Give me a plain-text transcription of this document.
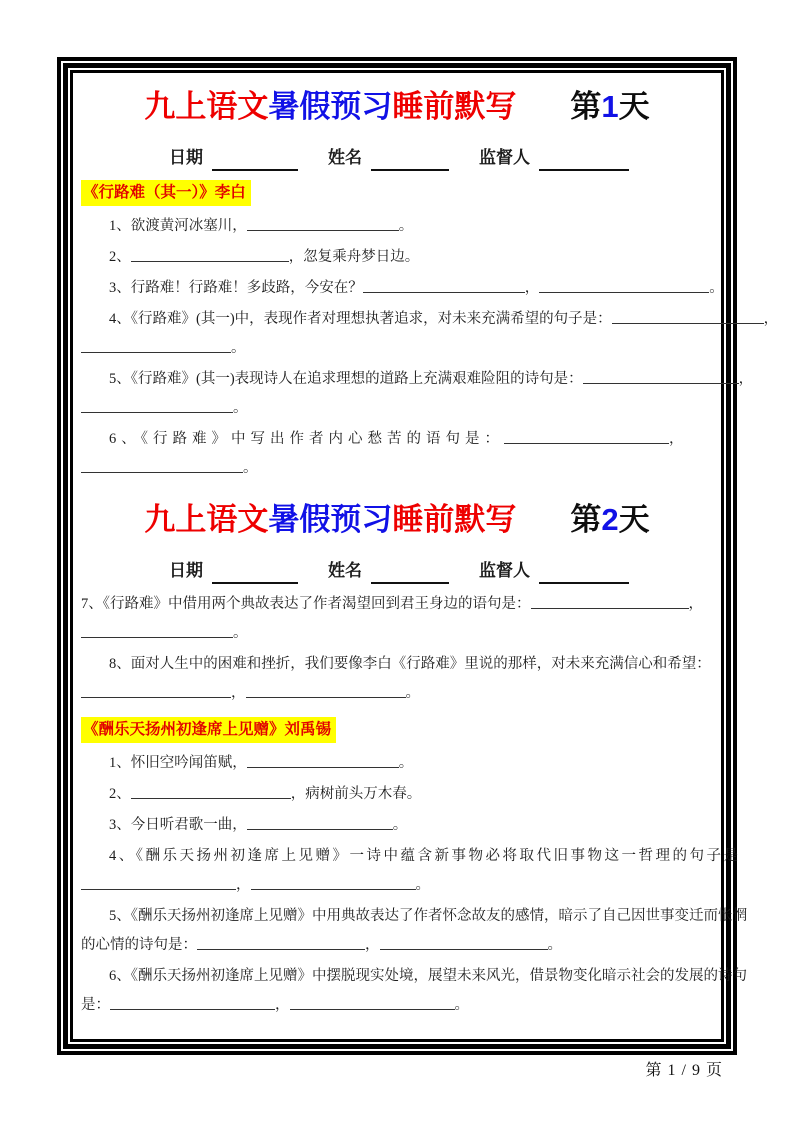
九上语文暑假预习睡前默写 第1天
日期	姓名	监督人
《行路难（其一）》李白
1、欲渡黄河冰塞川，	。
2、	，忽复乘舟梦日边。
3、行路难！行路难！多歧路，今安在？	，	。
4、《行路难》(其一)中，表现作者对理想执著追求，对未来充满希望的句子是：	，
。
5、《行路难》(其一)表现诗人在追求理想的道路上充满艰难险阻的诗句是：	，
。
6、《行路难》中写出作者内心愁苦的语句是：	，
。
九上语文暑假预习睡前默写 第2天
日期	姓名	监督人
7、《行路难》中借用两个典故表达了作者渴望回到君王身边的语句是：	，
。
8、面对人生中的困难和挫折，我们要像李白《行路难》里说的那样，对未来充满信心和希望：
，	。
《酬乐天扬州初逢席上见赠》刘禹锡
1、怀旧空吟闻笛赋，	。
2、	，病树前头万木春。
3、今日听君歌一曲，	。
4、《酬乐天扬州初逢席上见赠》一诗中蕴含新事物必将取代旧事物这一哲理的句子是
，	。
5、《酬乐天扬州初逢席上见赠》中用典故表达了作者怀念故友的感情，暗示了自己因世事变迁而怅惘
的心情的诗句是：	，	。
6、《酬乐天扬州初逢席上见赠》中摆脱现实处境，展望未来风光，借景物变化暗示社会的发展的诗句
是：	，	。
第 1 / 9 页
